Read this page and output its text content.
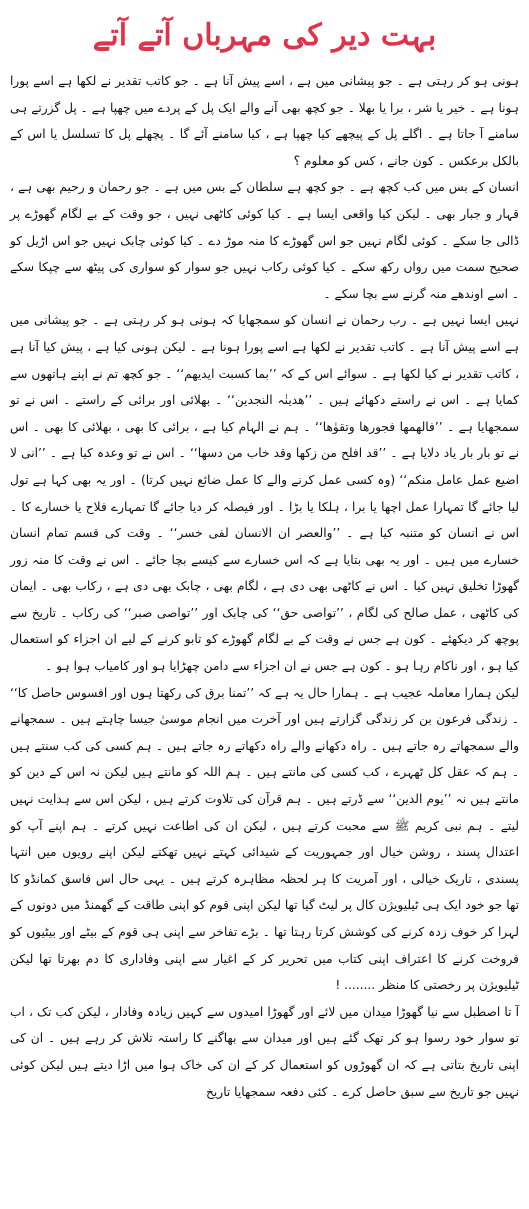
بہت دیر کی مہرباں آتے آتے

ہونی ہو کر رہتی ہے ۔ جو پیشانی میں ہے ، اسے پیش آنا ہے ۔ جو کاتب تقدیر نے لکھا ہے اسے پورا ہونا ہے ۔ خیر یا شر ، برا یا بھلا ۔ جو کچھ بھی آنے والے ایک پل کے پردے میں چھپا ہے ۔ پل گزرتے ہی سامنے آ جاتا ہے ۔ اگلے پل کے پیچھے کیا چھپا ہے ، کیا سامنے آئے گا ۔ پچھلے پل کا تسلسل یا اس کے بالکل برعکس ۔ کون جانے ، کس کو معلوم ؟

انسان کے بس میں کب کچھ ہے ۔ جو کچھ ہے سلطان کے بس میں ہے ۔ جو رحمان و رحیم بھی ہے ، قہار و جبار بھی ۔ لیکن کیا واقعی ایسا ہے ۔ کیا کوئی کاٹھی نہیں ، جو وقت کے بے لگام گھوڑے پر ڈالی جا سکے ۔ کوئی لگام نہیں جو اس گھوڑے کا منہ موڑ دے ۔ کیا کوئی چابک نہیں جو اس اڑیل کو صحیح سمت میں رواں رکھ سکے ۔ کیا کوئی رکاب نہیں جو سوار کو سواری کی پیٹھ سے چپکا سکے ۔ اسے اوندھے منہ گرنے سے بچا سکے ۔

نہیں ایسا نہیں ہے ۔ رب رحمان نے انسان کو سمجھایا کہ ہونی ہو کر رہتی ہے ۔ جو پیشانی میں ہے اسے پیش آنا ہے ۔ کاتب تقدیر نے لکھا ہے اسے پورا ہونا ہے ۔ لیکن ہونی کیا ہے ، پیش کیا آنا ہے ، کاتب تقدیر نے کیا لکھا ہے ۔ سوائے اس کے کہ ’’بما کسبت ایدیھم‘‘ ۔ جو کچھ تم نے اپنے ہاتھوں سے کمایا ہے ۔ اس نے راستے دکھائے ہیں ۔ ’’ھدینٰہ النجدین‘‘ ۔ بھلائی اور برائی کے راستے ۔ اس نے تو سمجھایا ہے ۔ ’’فالھمھا فجورھا وتقوٰھا‘‘ ۔ ہم نے الہام کیا ہے ، برائی کا بھی ، بھلائی کا بھی ۔ اس نے تو بار بار یاد دلایا ہے ۔ ’’قد افلح من زکھا وقد خاب من دسھا‘‘ ۔ اس نے تو وعدہ کیا ہے ۔ ’’انی لا اضیع عمل عامل منکم‘‘ (وہ کسی عمل کرنے والے کا عمل ضائع نہیں کرتا) ۔ اور یہ بھی کہا ہے تول لیا جائے گا تمہارا عمل اچھا یا برا ، ہلکا یا بڑا ۔ اور فیصلہ کر دیا جائے گا تمہارے فلاح یا خسارے کا ۔ اس نے انسان کو متنبہ کیا ہے ۔ ’’والعصر ان الانسان لفی خسر‘‘ ۔ وقت کی قسم تمام انسان خسارے میں ہیں ۔ اور یہ بھی بتایا ہے کہ اس خسارے سے کیسے بچا جائے ۔ اس نے وقت کا منہ زور گھوڑا تخلیق نہیں کیا ۔ اس نے کاٹھی بھی دی ہے ، لگام بھی ، چابک بھی دی ہے ، رکاب بھی ۔ ایمان کی کاٹھی ، عمل صالح کی لگام ، ’’تواصی حق‘‘ کی چابک اور ’’تواصی صبر‘‘ کی رکاب ۔ تاریخ سے پوچھ کر دیکھئے ۔ کون ہے جس نے وقت کے بے لگام گھوڑے کو تابو کرنے کے لیے ان اجزاء کو استعمال کیا ہو ، اور ناکام رہا ہو ۔ کون ہے جس نے ان اجزاء سے دامن چھڑایا ہو اور کامیاب ہوا ہو ۔

لیکن ہمارا معاملہ عجیب ہے ۔ ہمارا حال یہ ہے کہ ’’تمنا برق کی رکھتا ہوں اور افسوس حاصل کا‘‘ ۔ زندگی فرعون بن کر زندگی گزارتے ہیں اور آخرت میں انجام موسیٰ جیسا چاہتے ہیں ۔ سمجھانے والے سمجھاتے رہ جاتے ہیں ۔ راہ دکھانے والے راہ دکھاتے رہ جاتے ہیں ۔ ہم کسی کی کب سنتے ہیں ۔ ہم کہ عقل کل ٹھہرے ، کب کسی کی مانتے ہیں ۔ ہم اللہ کو مانتے ہیں لیکن نہ اس کے دین کو مانتے ہیں نہ ’’یوم الدین‘‘ سے ڈرتے ہیں ۔ ہم قرآن کی تلاوت کرتے ہیں ، لیکن اس سے ہدایت نہیں لیتے ۔ ہم نبی کریم ﷺ سے محبت کرتے ہیں ، لیکن ان کی اطاعت نہیں کرتے ۔ ہم اپنے آپ کو اعتدال پسند ، روشن خیال اور جمہوریت کے شیدائی کہتے نہیں تھکتے لیکن اپنے رویوں میں انتہا پسندی ، تاریک خیالی ، اور آمریت کا ہر لحظہ مظاہرہ کرتے ہیں ۔ یہی حال اس فاسق کمانڈو کا تھا جو خود ایک ہی ٹیلیویژن کال پر لیٹ گیا تھا لیکن اپنی قوم کو اپنی طاقت کے گھمنڈ میں دونوں کے لہرا کر خوف زدہ کرنے کی کوشش کرتا رہتا تھا ۔ بڑے تفاخر سے اپنی ہی قوم کے بیٹے اور بیٹیوں کو فروخت کرنے کا اعتراف اپنی کتاب میں تحریر کر کے اغیار سے اپنی وفاداری کا دم بھرتا تھا لیکن ٹیلیویژن پر رخصتی کا منظر ........ !

آ تا اصطبل سے نیا گھوڑا میدان میں لائے اور گھوڑا امیدوں سے کہیں زیادہ وفادار ، لیکن کب تک ، اب تو سوار خود رسوا ہو کر تھک گئے ہیں اور میدان سے بھاگنے کا راستہ تلاش کر رہے ہیں ۔ ان کی اپنی تاریخ بتاتی ہے کہ ان گھوڑوں کو استعمال کر کے ان کی خاک ہوا میں اڑا دیتے ہیں لیکن کوئی نہیں جو تاریخ سے سبق حاصل کرے ۔ کئی دفعہ سمجھایا تاریخ
